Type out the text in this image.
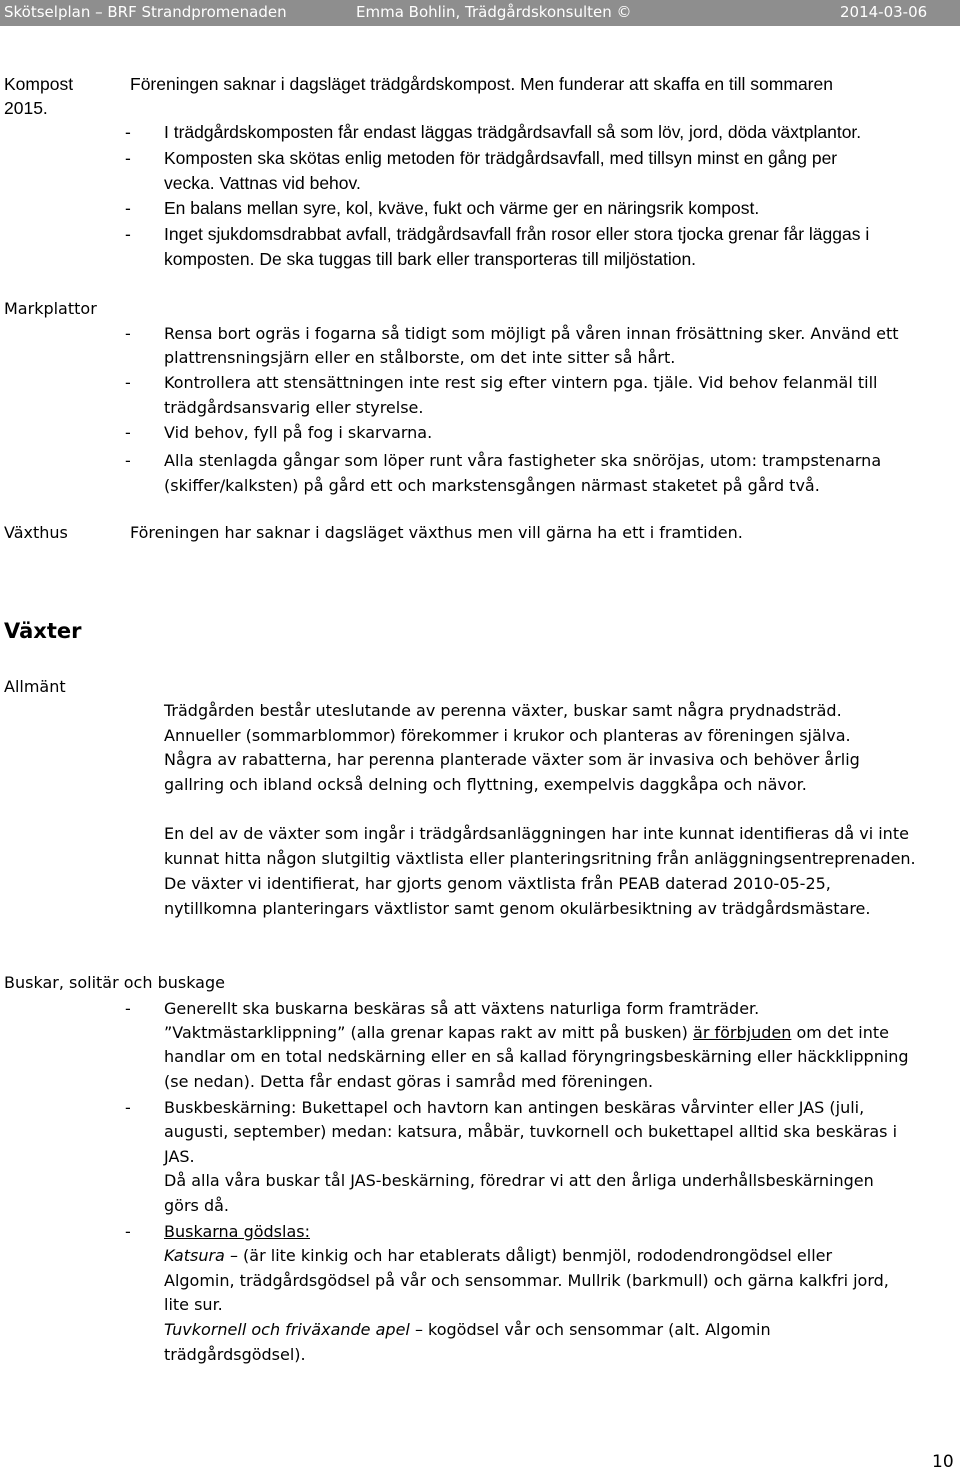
Skötselplan – BRF Strandpromenaden	Emma Bohlin, Trädgårdskonsulten ©	2014-03-06
Kompost
2015.
Föreningen saknar i dagsläget trädgårdskompost. Men funderar att skaffa en till sommaren
- I trädgårdskomposten får endast läggas trädgårdsavfall så som löv, jord, döda växtplantor.
- Komposten ska skötas enlig metoden för trädgårdsavfall, med tillsyn minst en gång per
vecka. Vattnas vid behov.
- En balans mellan syre, kol, kväve, fukt och värme ger en näringsrik kompost.
- Inget sjukdomsdrabbat avfall, trädgårdsavfall från rosor eller stora tjocka grenar får läggas i
komposten. De ska tuggas till bark eller transporteras till miljöstation.
Markplattor
- Rensa bort ogräs i fogarna så tidigt som möjligt på våren innan frösättning sker. Använd ett
plattrensningsjärn eller en stålborste, om det inte sitter så hårt.
- Kontrollera att stensättningen inte rest sig efter vintern pga. tjäle. Vid behov felanmäl till
trädgårdsansvarig eller styrelse.
- Vid behov, fyll på fog i skarvarna.
- Alla stenlagda gångar som löper runt våra fastigheter ska snöröjas, utom: trampstenarna
(skiffer/kalksten) på gård ett och markstensgången närmast staketet på gård två.
Växthus	Föreningen har saknar i dagsläget växthus men vill gärna ha ett i framtiden.
Växter
Allmänt
Trädgården består uteslutande av perenna växter, buskar samt några prydnadsträd.
Annueller (sommarblommor) förekommer i krukor och planteras av föreningen själva.
Några av rabatterna, har perenna planterade växter som är invasiva och behöver årlig
gallring och ibland också delning och flyttning, exempelvis daggkåpa och nävor.
En del av de växter som ingår i trädgårdsanläggningen har inte kunnat identifieras då vi inte
kunnat hitta någon slutgiltig växtlista eller planteringsritning från anläggningsentreprenaden.
De växter vi identifierat, har gjorts genom växtlista från PEAB daterad 2010-05-25,
nytillkomna planteringars växtlistor samt genom okulärbesiktning av trädgårdsmästare.
Buskar, solitär och buskage
- Generellt ska buskarna beskäras så att växtens naturliga form framträder.
”Vaktmästarklippning” (alla grenar kapas rakt av mitt på busken) är förbjuden om det inte
handlar om en total nedskärning eller en så kallad föryngringsbeskärning eller häckklippning
(se nedan). Detta får endast göras i samråd med föreningen.
- Buskbeskärning: Bukettapel och havtorn kan antingen beskäras vårvinter eller JAS (juli,
augusti, september) medan: katsura, måbär, tuvkornell och bukettapel alltid ska beskäras i
JAS.
Då alla våra buskar tål JAS-beskärning, föredrar vi att den årliga underhållsbeskärningen
görs då.
- Buskarna gödslas:
Katsura – (är lite kinkig och har etablerats dåligt) benmjöl, rododendrongödsel eller
Algomin, trädgårdsgödsel på vår och sensommar. Mullrik (barkmull) och gärna kalkfri jord,
lite sur.
Tuvkornell och friväxande apel – kogödsel vår och sensommar (alt. Algomin
trädgårdsgödsel).
10
